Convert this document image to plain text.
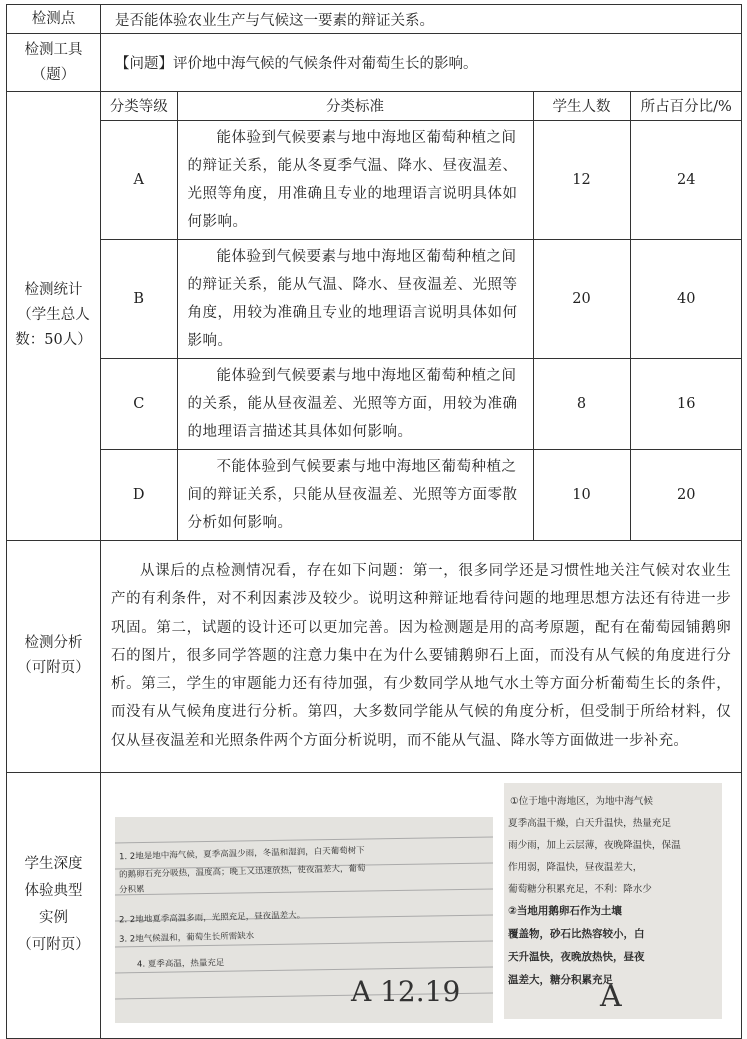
检测点	是否能体验农业生产与气候这一要素的辩证关系。

检测工具
（题）
	【问题】评价地中海气候的气候条件对葡萄生长的影响。

检测统计
（学生总人
数：50人）

分类等级	分类标准	学生人数	所占百分比/%
A	能体验到气候要素与地中海地区葡萄种植之间的辩证关系，能从冬夏季气温、降水、昼夜温差、光照等角度，用准确且专业的地理语言说明具体如何影响。	12	24
B	能体验到气候要素与地中海地区葡萄种植之间的辩证关系，能从气温、降水、昼夜温差、光照等角度，用较为准确且专业的地理语言说明具体如何影响。	20	40
C	能体验到气候要素与地中海地区葡萄种植之间的关系，能从昼夜温差、光照等方面，用较为准确的地理语言描述其具体如何影响。	8	16
D	不能体验到气候要素与地中海地区葡萄种植之间的辩证关系，只能从昼夜温差、光照等方面零散分析如何影响。	10	20

检测分析
（可附页）
	从课后的点检测情况看，存在如下问题：第一，很多同学还是习惯性地关注气候对农业生产的有利条件，对不利因素涉及较少。说明这种辩证地看待问题的地理思想方法还有待进一步巩固。第二，试题的设计还可以更加完善。因为检测题是用的高考原题，配有在葡萄园铺鹅卵石的图片，很多同学答题的注意力集中在为什么要铺鹅卵石上面，而没有从气候的角度进行分析。第三，学生的审题能力还有待加强，有少数同学从地气水土等方面分析葡萄生长的条件，而没有从气候角度进行分析。第四，大多数同学能从气候的角度分析，但受制于所给材料，仅仅从昼夜温差和光照条件两个方面分析说明，而不能从气温、降水等方面做进一步补充。

学生深度
体验典型
实例
（可附页）

1. 2地是地中海气候，夏季高温少雨，冬温和湿润，白天葡萄树下
的鹅卵石充分吸热，温度高；晚上又迅速放热，使夜温差大，葡萄
分积累
2. 2地地夏季高温多雨，光照充足，昼夜温差大。
3. 2地气候温和，葡萄生长所需缺水
4. 夏季高温，热量充足
A 12.19
①位于地中海地区，为地中海气候
夏季高温干燥，白天升温快，热量充足
雨少雨，加上云层薄，夜晚降温快，保温
作用弱，降温快，昼夜温差大，
葡萄糖分积累充足，不利：降水少
②当地用鹅卵石作为土壤
覆盖物，砂石比热容较小，白
天升温快，夜晚放热快，昼夜
温差大，糖分积累充足
A
